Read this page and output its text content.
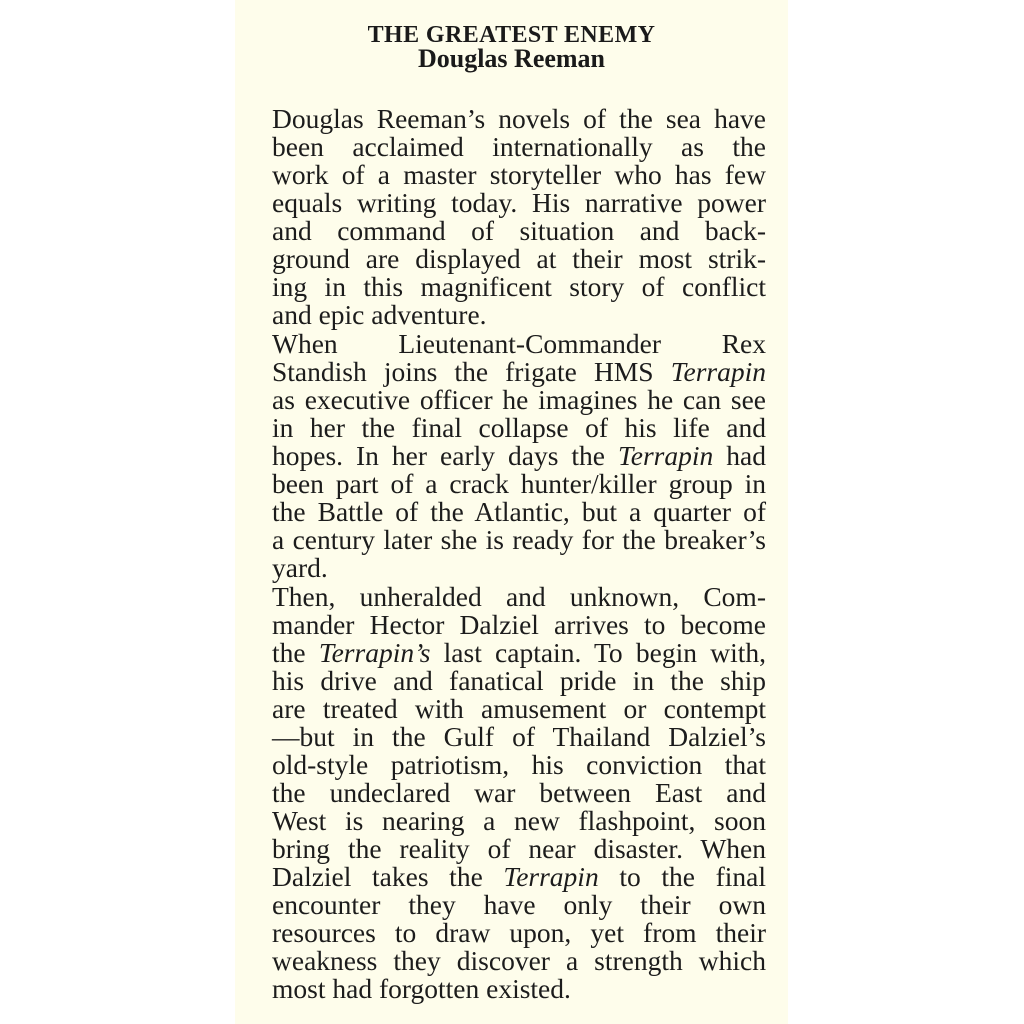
THE GREATEST ENEMY
Douglas Reeman

Douglas Reeman’s novels of the sea have
been acclaimed internationally as the
work of a master storyteller who has few
equals writing today. His narrative power
and command of situation and back-
ground are displayed at their most strik-
ing in this magnificent story of conflict
and epic adventure.

When Lieutenant-Commander Rex
Standish joins the frigate HMS Terrapin
as executive officer he imagines he can see
in her the final collapse of his life and
hopes. In her early days the Terrapin had
been part of a crack hunter/killer group in
the Battle of the Atlantic, but a quarter of
a century later she is ready for the breaker’s
yard.

Then, unheralded and unknown, Com-
mander Hector Dalziel arrives to become
the Terrapin’s last captain. To begin with,
his drive and fanatical pride in the ship
are treated with amusement or contempt
—but in the Gulf of Thailand Dalziel’s
old-style patriotism, his conviction that
the undeclared war between East and
West is nearing a new flashpoint, soon
bring the reality of near disaster. When
Dalziel takes the Terrapin to the final
encounter they have only their own
resources to draw upon, yet from their
weakness they discover a strength which
most had forgotten existed.
